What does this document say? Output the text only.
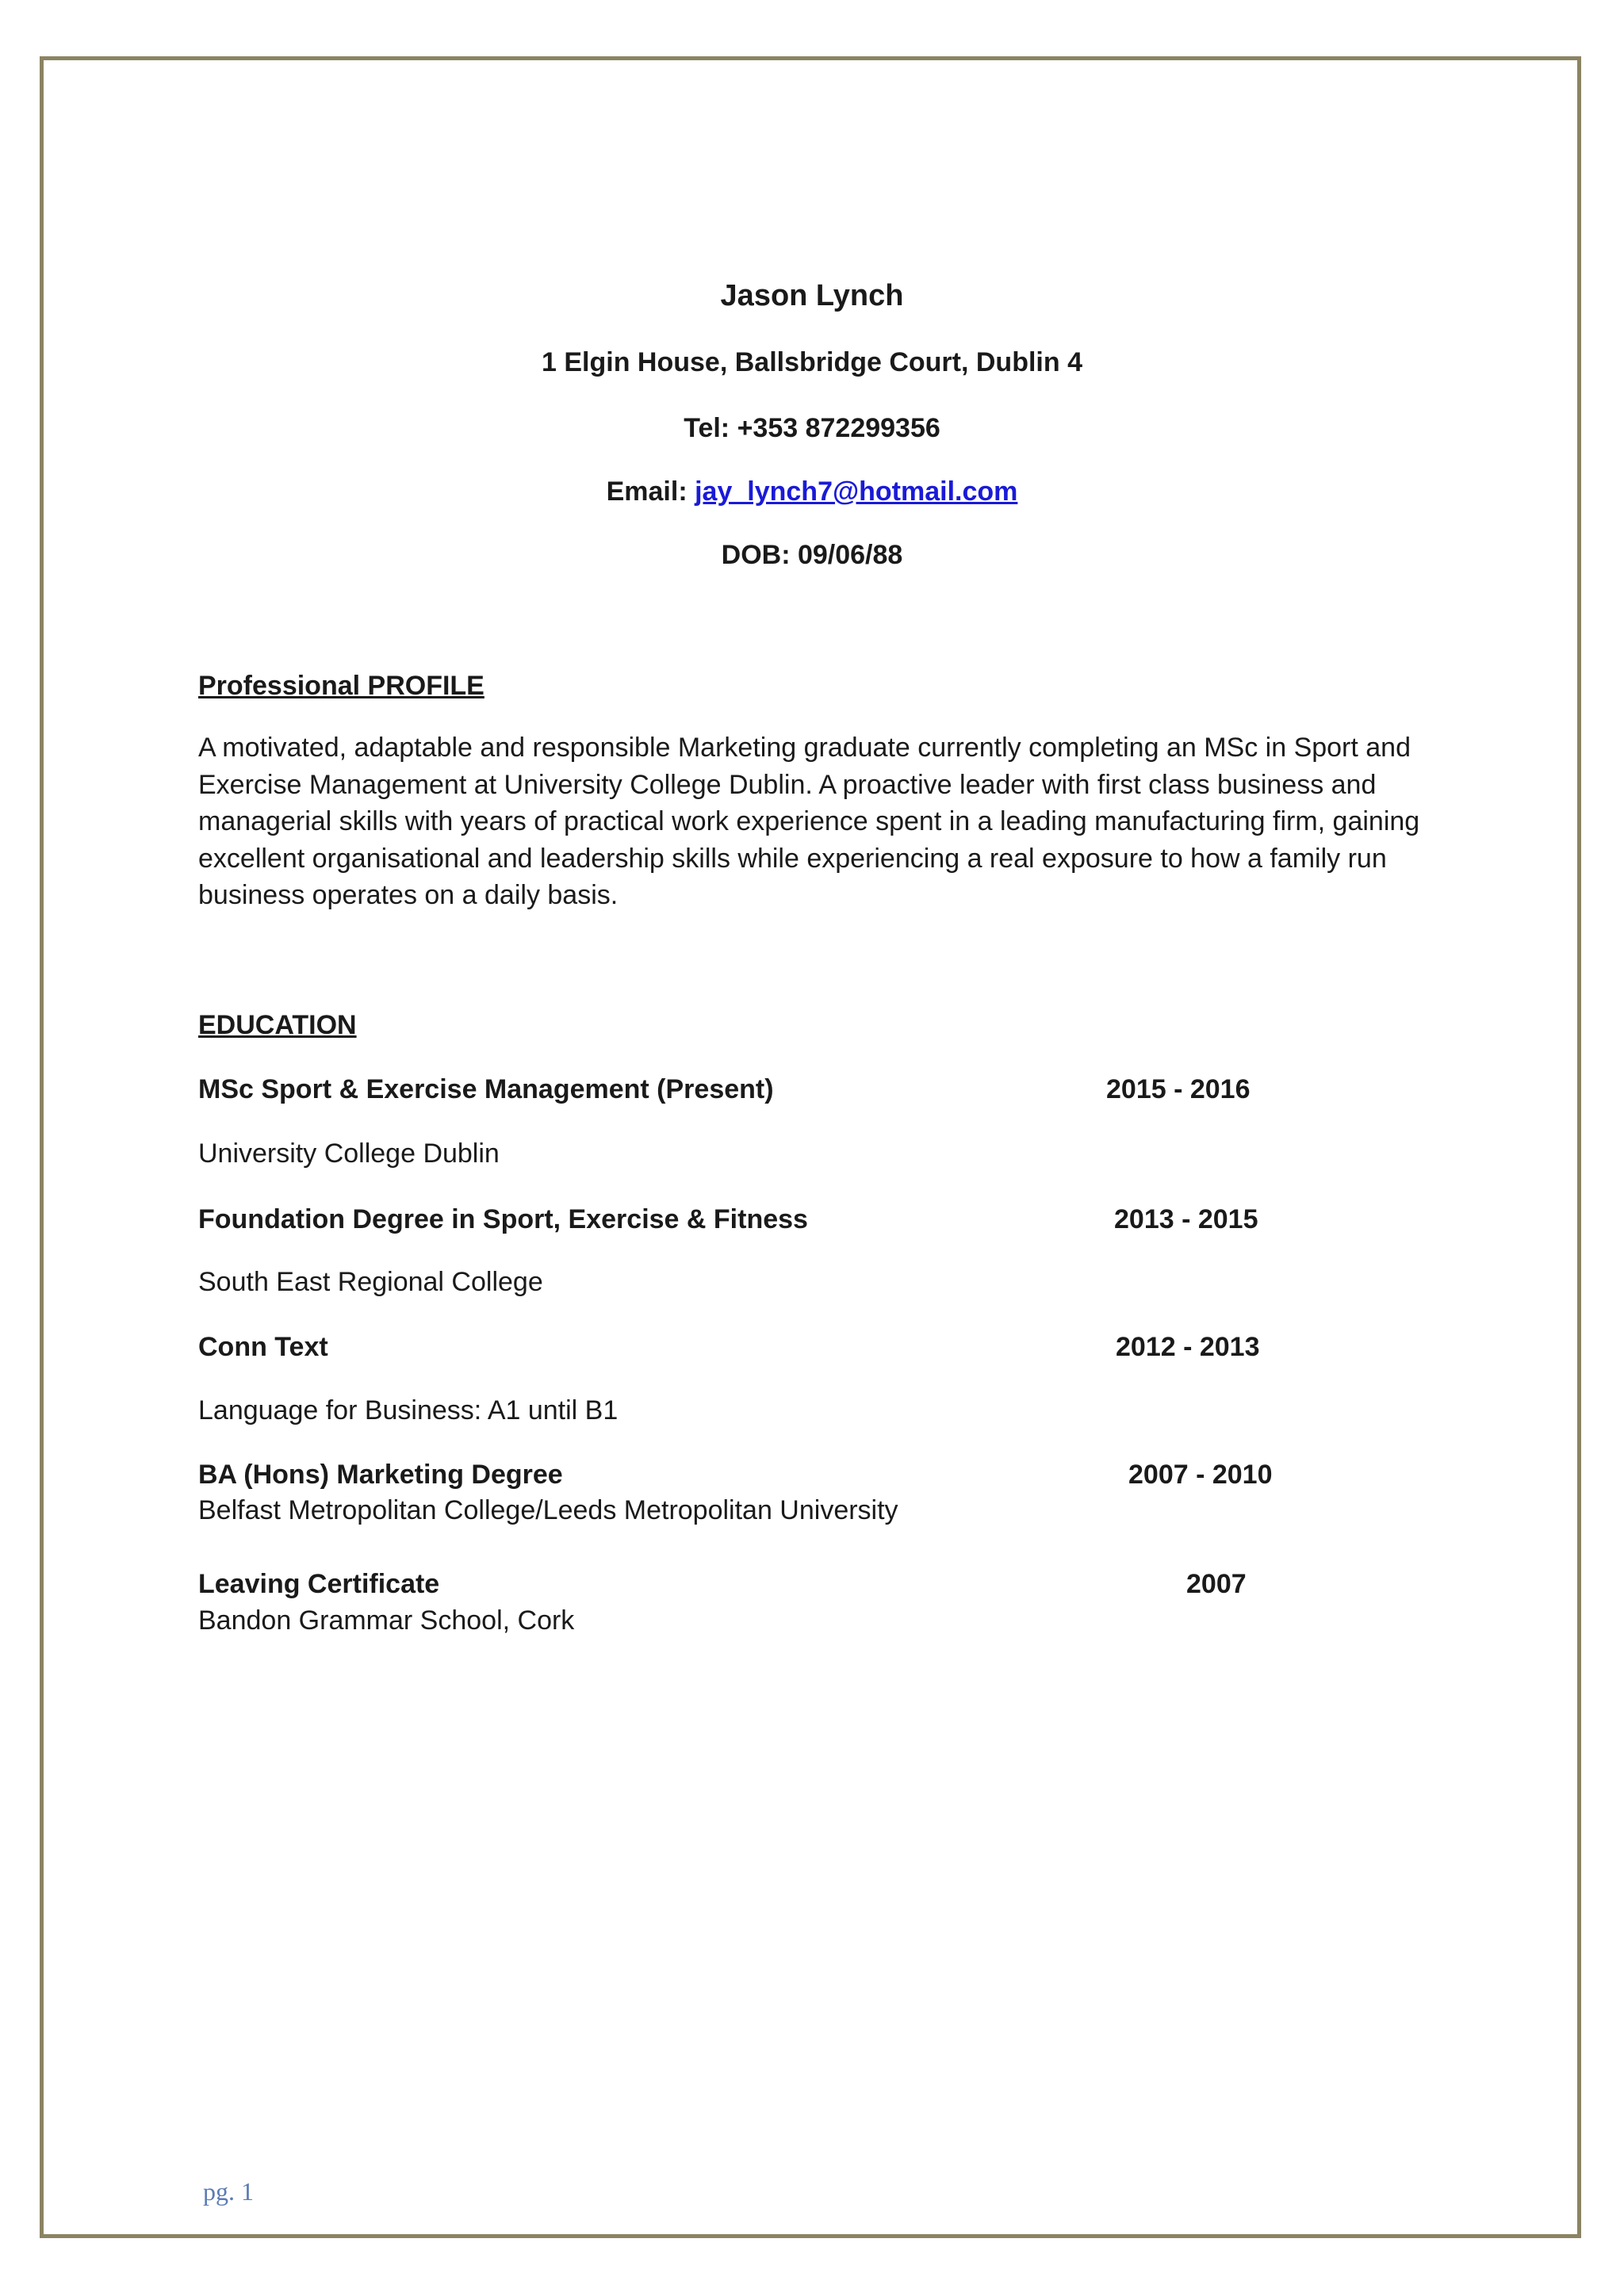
Jason Lynch
1 Elgin House, Ballsbridge Court, Dublin 4
Tel: +353 872299356
Email: jay_lynch7@hotmail.com
DOB: 09/06/88
Professional PROFILE

A motivated, adaptable and responsible Marketing graduate currently completing an MSc in Sport and Exercise Management at University College Dublin. A proactive leader with first class business and managerial skills with years of practical work experience spent in a leading manufacturing firm, gaining excellent organisational and leadership skills while experiencing a real exposure to how a family run business operates on a daily basis.

EDUCATION
MSc Sport & Exercise Management (Present)	2015 - 2016
University College Dublin
Foundation Degree in Sport, Exercise & Fitness	2013 - 2015
South East Regional College
Conn Text	2012 - 2013
Language for Business: A1 until B1
BA (Hons) Marketing Degree	2007 - 2010
Belfast Metropolitan College/Leeds Metropolitan University
Leaving Certificate	2007
Bandon Grammar School, Cork
pg. 1
